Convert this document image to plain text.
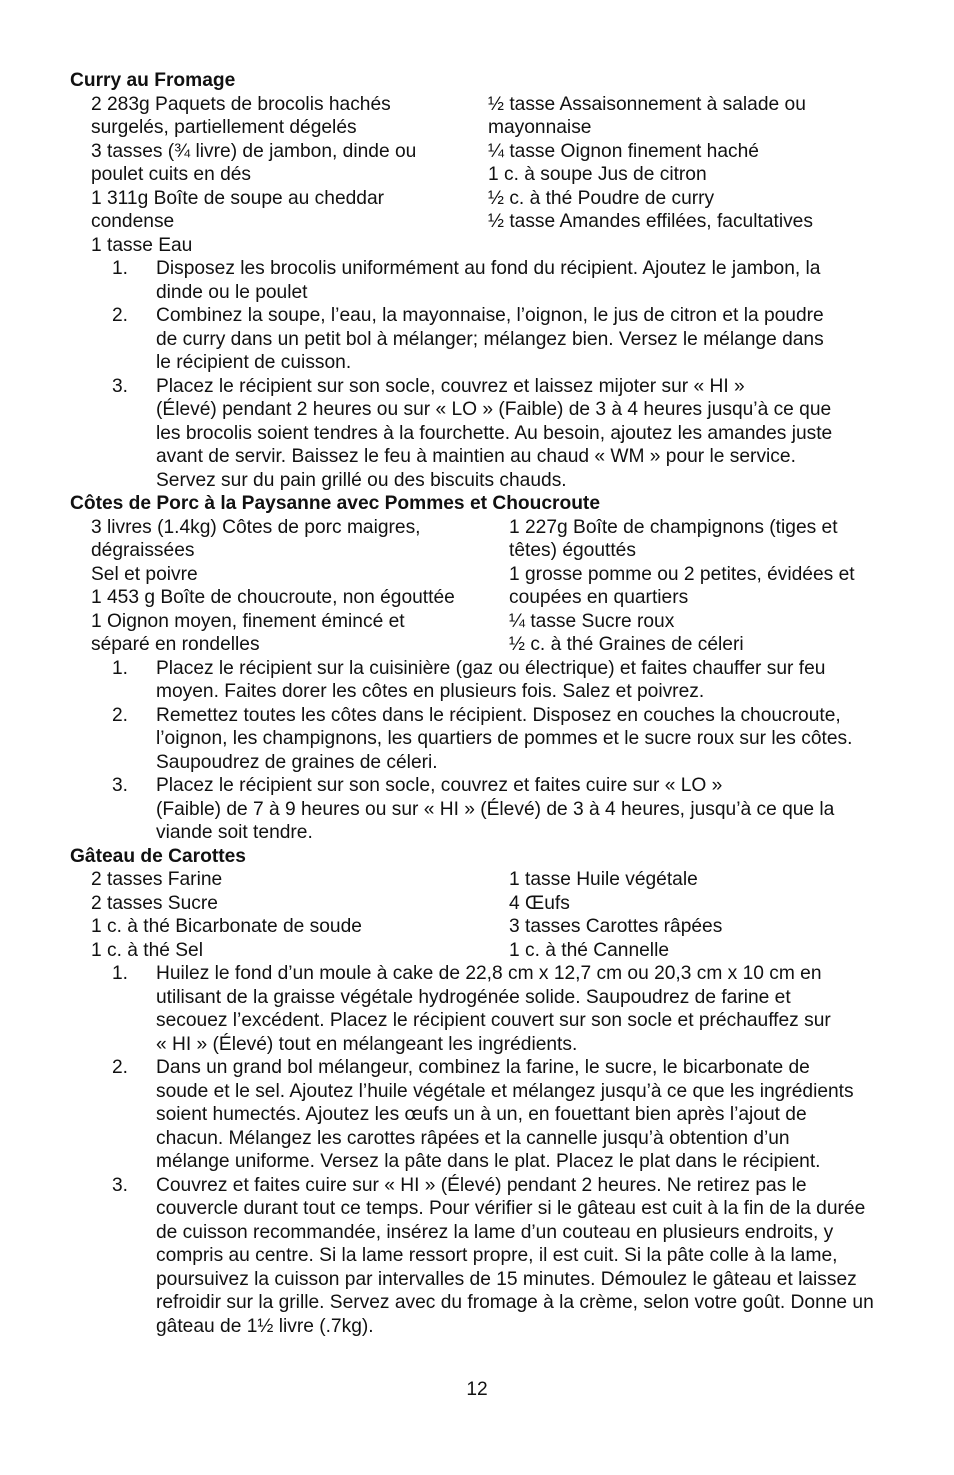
Curry au Fromage
2 283g Paquets de brocolis hachés
surgelés, partiellement dégelés
3 tasses (¾ livre) de jambon, dinde ou
poulet cuits en dés
1 311g Boîte de soupe au cheddar
condense
1 tasse Eau
½ tasse Assaisonnement à salade ou
mayonnaise
¼ tasse Oignon finement haché
1 c. à soupe Jus de citron
½ c. à thé Poudre de curry
½ tasse Amandes effilées, facultatives
1. Disposez les brocolis uniformément au fond du récipient. Ajoutez le jambon, la
dinde ou le poulet
2. Combinez la soupe, l’eau, la mayonnaise, l’oignon, le jus de citron et la poudre
de curry dans un petit bol à mélanger; mélangez bien. Versez le mélange dans
le récipient de cuisson.
3. Placez le récipient sur son socle, couvrez et laissez mijoter sur « HI »
(Élevé) pendant 2 heures ou sur « LO » (Faible) de 3 à 4 heures jusqu’à ce que
les brocolis soient tendres à la fourchette. Au besoin, ajoutez les amandes juste
avant de servir. Baissez le feu à maintien au chaud « WM » pour le service.
Servez sur du pain grillé ou des biscuits chauds.
Côtes de Porc à la Paysanne avec Pommes et Choucroute
3 livres (1.4kg) Côtes de porc maigres,
dégraissées
Sel et poivre
1 453 g Boîte de choucroute, non égouttée
1 Oignon moyen, finement émincé et
séparé en rondelles
1 227g Boîte de champignons (tiges et
têtes) égouttés
1 grosse pomme ou 2 petites, évidées et
coupées en quartiers
¼ tasse Sucre roux
½ c. à thé Graines de céleri
1. Placez le récipient sur la cuisinière (gaz ou électrique) et faites chauffer sur feu
moyen. Faites dorer les côtes en plusieurs fois. Salez et poivrez.
2. Remettez toutes les côtes dans le récipient. Disposez en couches la choucroute,
l’oignon, les champignons, les quartiers de pommes et le sucre roux sur les côtes.
Saupoudrez de graines de céleri.
3. Placez le récipient sur son socle, couvrez et faites cuire sur « LO »
(Faible) de 7 à 9 heures ou sur « HI » (Élevé) de 3 à 4 heures, jusqu’à ce que la
viande soit tendre.
Gâteau de Carottes
2 tasses Farine
2 tasses Sucre
1 c. à thé Bicarbonate de soude
1 c. à thé Sel
1 tasse Huile végétale
4 Œufs
3 tasses Carottes râpées
1 c. à thé Cannelle
1. Huilez le fond d’un moule à cake de 22,8 cm x 12,7 cm ou 20,3 cm x 10 cm en
utilisant de la graisse végétale hydrogénée solide. Saupoudrez de farine et
secouez l’excédent. Placez le récipient couvert sur son socle et préchauffez sur
« HI » (Élevé) tout en mélangeant les ingrédients.
2. Dans un grand bol mélangeur, combinez la farine, le sucre, le bicarbonate de
soude et le sel. Ajoutez l’huile végétale et mélangez jusqu’à ce que les ingrédients
soient humectés. Ajoutez les œufs un à un, en fouettant bien après l’ajout de
chacun. Mélangez les carottes râpées et la cannelle jusqu’à obtention d’un
mélange uniforme. Versez la pâte dans le plat. Placez le plat dans le récipient.
3. Couvrez et faites cuire sur « HI » (Élevé) pendant 2 heures. Ne retirez pas le
couvercle durant tout ce temps. Pour vérifier si le gâteau est cuit à la fin de la durée
de cuisson recommandée, insérez la lame d’un couteau en plusieurs endroits, y
compris au centre. Si la lame ressort propre, il est cuit. Si la pâte colle à la lame,
poursuivez la cuisson par intervalles de 15 minutes. Démoulez le gâteau et laissez
refroidir sur la grille. Servez avec du fromage à la crème, selon votre goût. Donne un
gâteau de 1½ livre (.7kg).
12
